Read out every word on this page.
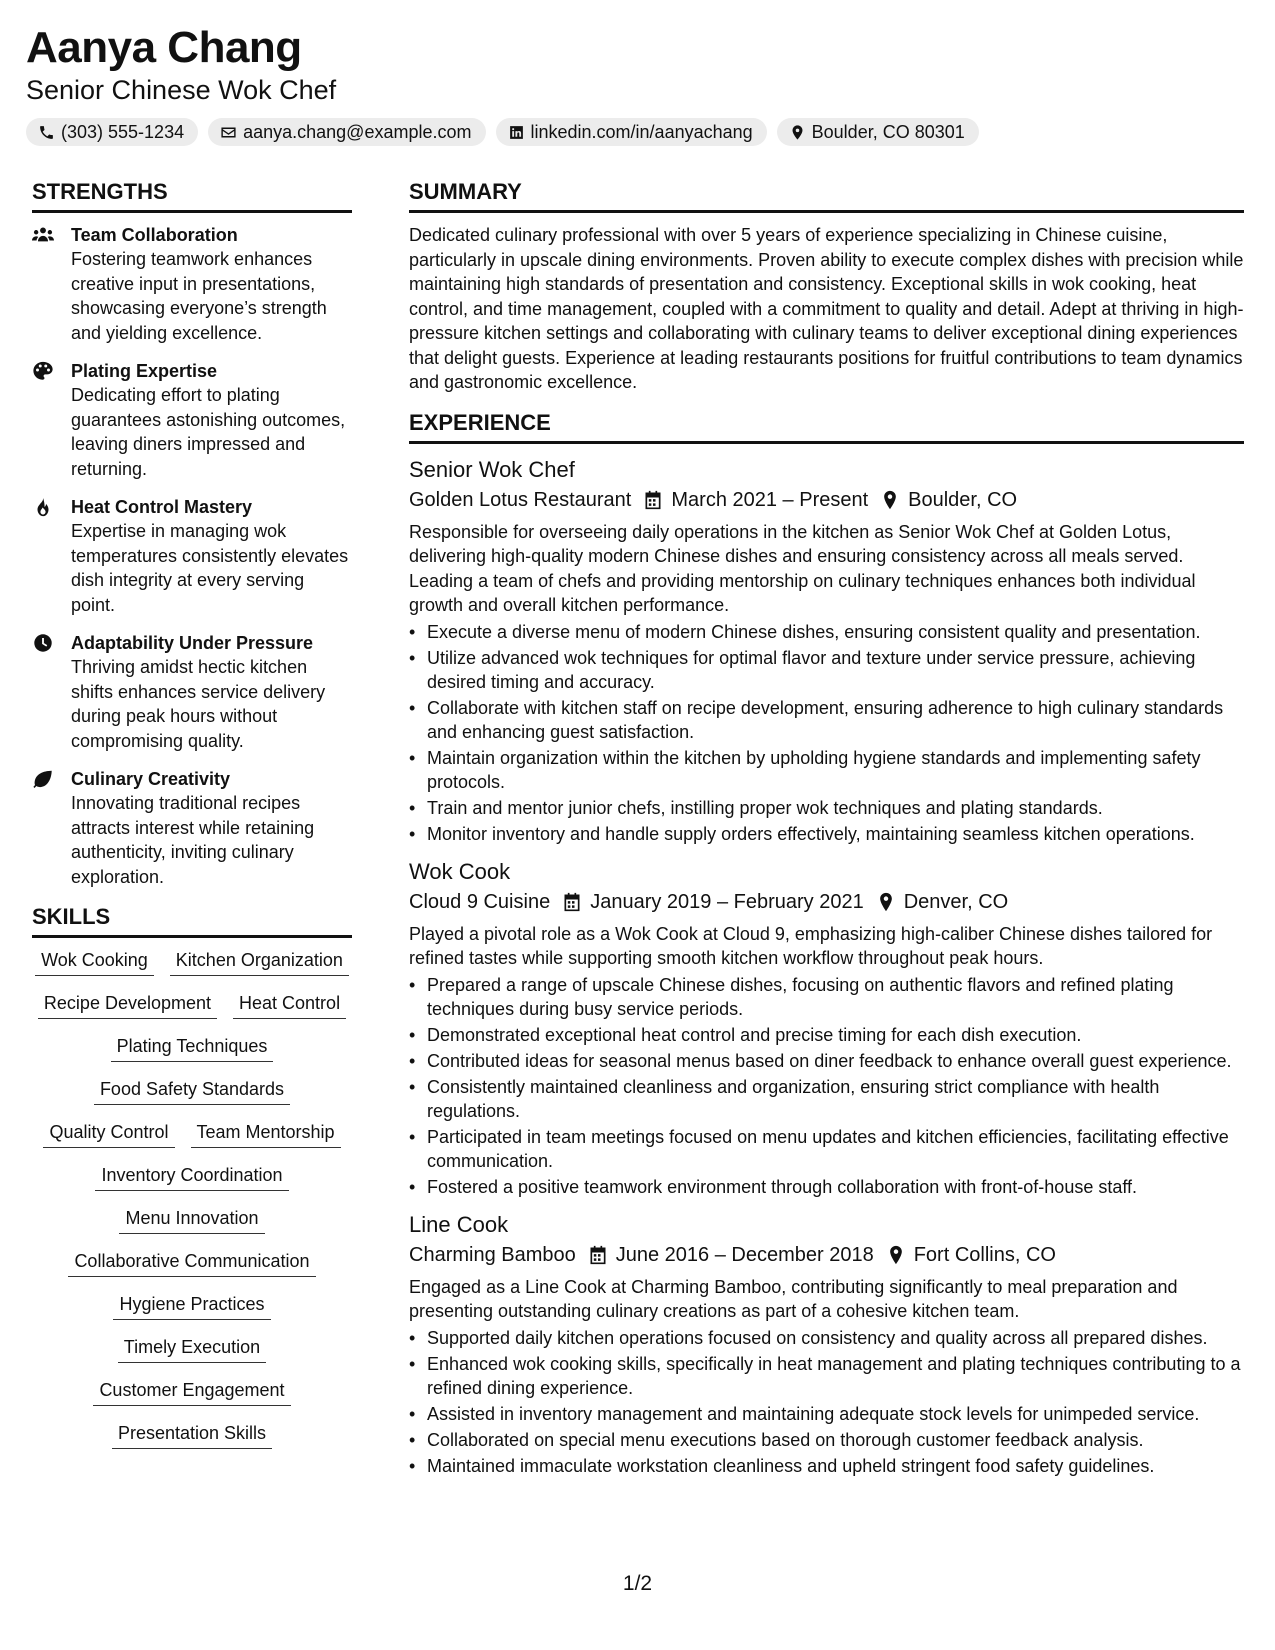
Aanya Chang
Senior Chinese Wok Chef
(303) 555-1234	aanya.chang@example.com	linkedin.com/in/aanyachang	Boulder, CO 80301
STRENGTHS
Team Collaboration
Fostering teamwork enhances creative input in presentations, showcasing everyone’s strength and yielding excellence.
Plating Expertise
Dedicating effort to plating guarantees astonishing outcomes, leaving diners impressed and returning.
Heat Control Mastery
Expertise in managing wok temperatures consistently elevates dish integrity at every serving point.
Adaptability Under Pressure
Thriving amidst hectic kitchen shifts enhances service delivery during peak hours without compromising quality.
Culinary Creativity
Innovating traditional recipes attracts interest while retaining authenticity, inviting culinary exploration.
SKILLS
Wok Cooking	Kitchen Organization
Recipe Development	Heat Control
Plating Techniques
Food Safety Standards
Quality Control	Team Mentorship
Inventory Coordination
Menu Innovation
Collaborative Communication
Hygiene Practices
Timely Execution
Customer Engagement
Presentation Skills
SUMMARY

Dedicated culinary professional with over 5 years of experience specializing in Chinese cuisine, particularly in upscale dining environments. Proven ability to execute complex dishes with precision while maintaining high standards of presentation and consistency. Exceptional skills in wok cooking, heat control, and time management, coupled with a commitment to quality and detail. Adept at thriving in high-pressure kitchen settings and collaborating with culinary teams to deliver exceptional dining experiences that delight guests. Experience at leading restaurants positions for fruitful contributions to team dynamics and gastronomic excellence.

EXPERIENCE
Senior Wok Chef
Golden Lotus Restaurant March 2021 – Present Boulder, CO
Responsible for overseeing daily operations in the kitchen as Senior Wok Chef at Golden Lotus, delivering high-quality modern Chinese dishes and ensuring consistency across all meals served. Leading a team of chefs and providing mentorship on culinary techniques enhances both individual growth and overall kitchen performance.
• Execute a diverse menu of modern Chinese dishes, ensuring consistent quality and presentation.
• Utilize advanced wok techniques for optimal flavor and texture under service pressure, achieving desired timing and accuracy.
• Collaborate with kitchen staff on recipe development, ensuring adherence to high culinary standards and enhancing guest satisfaction.
• Maintain organization within the kitchen by upholding hygiene standards and implementing safety protocols.
• Train and mentor junior chefs, instilling proper wok techniques and plating standards.
• Monitor inventory and handle supply orders effectively, maintaining seamless kitchen operations.
Wok Cook
Cloud 9 Cuisine January 2019 – February 2021 Denver, CO
Played a pivotal role as a Wok Cook at Cloud 9, emphasizing high-caliber Chinese dishes tailored for refined tastes while supporting smooth kitchen workflow throughout peak hours.
• Prepared a range of upscale Chinese dishes, focusing on authentic flavors and refined plating techniques during busy service periods.
• Demonstrated exceptional heat control and precise timing for each dish execution.
• Contributed ideas for seasonal menus based on diner feedback to enhance overall guest experience.
• Consistently maintained cleanliness and organization, ensuring strict compliance with health regulations.
• Participated in team meetings focused on menu updates and kitchen efficiencies, facilitating effective communication.
• Fostered a positive teamwork environment through collaboration with front-of-house staff.
Line Cook
Charming Bamboo June 2016 – December 2018 Fort Collins, CO
Engaged as a Line Cook at Charming Bamboo, contributing significantly to meal preparation and presenting outstanding culinary creations as part of a cohesive kitchen team.
• Supported daily kitchen operations focused on consistency and quality across all prepared dishes.
• Enhanced wok cooking skills, specifically in heat management and plating techniques contributing to a refined dining experience.
• Assisted in inventory management and maintaining adequate stock levels for unimpeded service.
• Collaborated on special menu executions based on thorough customer feedback analysis.
• Maintained immaculate workstation cleanliness and upheld stringent food safety guidelines.
1/2
